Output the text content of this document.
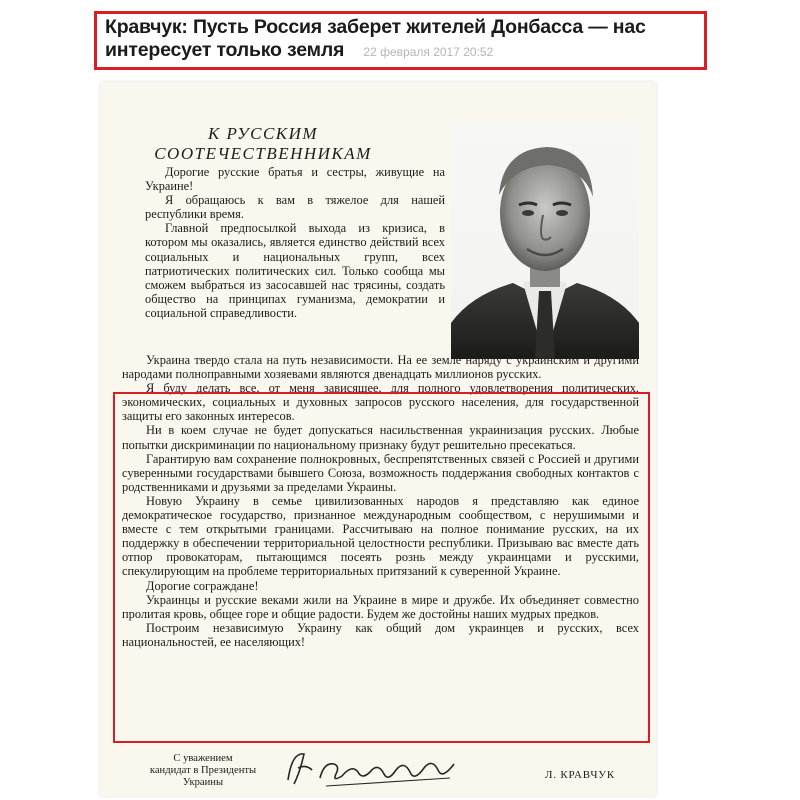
Кравчук: Пусть Россия заберет жителей Донбасса — нас интересует только земля 22 февраля 2017 20:52
К РУССКИМ
СООТЕЧЕСТВЕННИКАМ

Дорогие русские братья и сестры, живущие на Украине!

Я обращаюсь к вам в тяжелое для нашей республики время.

Главной предпосылкой выхода из кризиса, в котором мы оказались, является единство действий всех социальных и национальных групп, всех патриотических политических сил. Только сообща мы сможем выбраться из засосавшей нас трясины, создать общество на принципах гуманизма, демократии и социальной справедливости.

Украина твердо стала на путь независимости. На ее земле наряду с украинским и другими народами полноправными хозяевами являются двенадцать миллионов русских.

Я буду делать все, от меня зависящее, для полного удовлетворения политических, экономических, социальных и духовных запросов русского населения, для государственной защиты его законных интересов.

Ни в коем случае не будет допускаться насильственная украинизация русских. Любые попытки дискриминации по национальному признаку будут решительно пресекаться.

Гарантирую вам сохранение полнокровных, беспрепятственных связей с Россией и другими суверенными государствами бывшего Союза, возможность поддержания свободных контактов с родственниками и друзьями за пределами Украины.

Новую Украину в семье цивилизованных народов я представляю как единое демократическое государство, признанное международным сообществом, с нерушимыми и вместе с тем открытыми границами. Рассчитываю на полное понимание русских, на их поддержку в обеспечении территориальной целостности республики. Призываю вас вместе дать отпор провокаторам, пытающимся посеять рознь между украинцами и русскими, спекулирующим на проблеме территориальных притязаний к суверенной Украине.

Дорогие сограждане!

Украинцы и русские веками жили на Украине в мире и дружбе. Их объединяет совместно пролитая кровь, общее горе и общие радости. Будем же достойны наших мудрых предков.

Построим независимую Украину как общий дом украинцев и русских, всех национальностей, ее населяющих!

С уважением
кандидат в Президенты
Украины
Л. КРАВЧУК
